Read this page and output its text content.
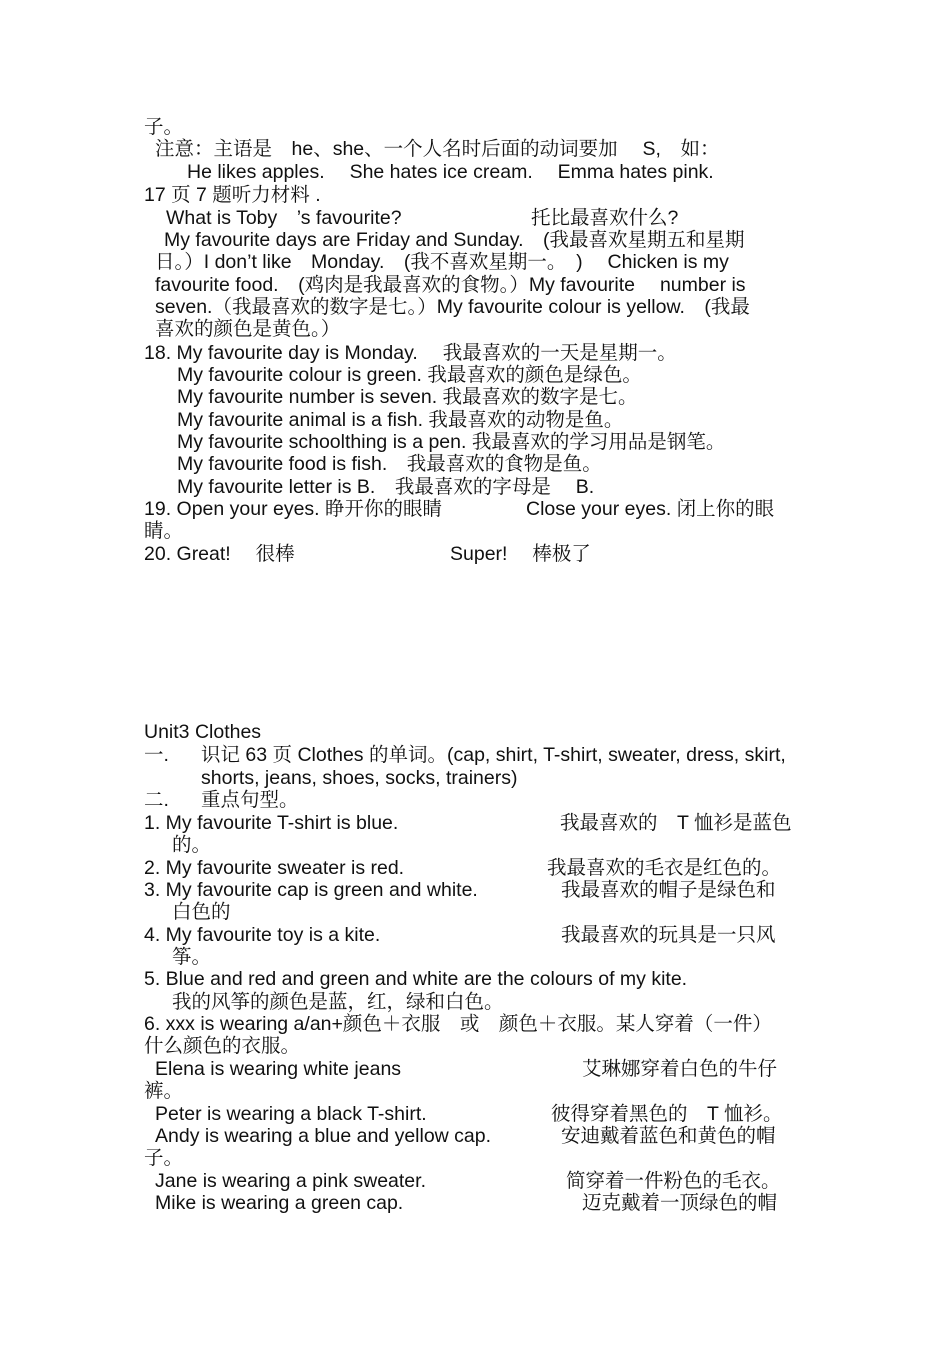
子。
注意：主语是　he、she、一个人名时后面的动词要加　 S,　如：
He likes apples.　 She hates ice cream.　 Emma hates pink.
17 页 7 题听力材料 .
What is Toby　’s favourite?	托比最喜欢什么?
My favourite days are Friday and Sunday.　(我最喜欢星期五和星期
日。）I don’t like　Monday.　(我不喜欢星期一。　)　 Chicken is my
favourite food.　(鸡肉是我最喜欢的食物。）My favourite　 number is
seven.（我最喜欢的数字是七。）My favourite colour is yellow.　(我最
喜欢的颜色是黄色。）
18. My favourite day is Monday.　 我最喜欢的一天是星期一。
My favourite colour is green. 我最喜欢的颜色是绿色。
My favourite number is seven. 我最喜欢的数字是七。
My favourite animal is a fish. 我最喜欢的动物是鱼。
My favourite schoolthing is a pen. 我最喜欢的学习用品是钢笔。
My favourite food is fish.　我最喜欢的食物是鱼。
My favourite letter is B.　我最喜欢的字母是　 B.
19. Open your eyes. 睁开你的眼睛	Close your eyes. 闭上你的眼
睛。
20. Great!　 很棒	Super!　 棒极了
Unit3 Clothes
一. 识记 63 页 Clothes 的单词。(cap, shirt, T-shirt, sweater, dress, skirt,
shorts, jeans, shoes, socks, trainers)
二. 重点句型。
1. My favourite T-shirt is blue.	我最喜欢的　T 恤衫是蓝色
的。
2. My favourite sweater is red.	我最喜欢的毛衣是红色的。
3. My favourite cap is green and white.	我最喜欢的帽子是绿色和
白色的
4. My favourite toy is a kite.	我最喜欢的玩具是一只风
筝。
5. Blue and red and green and white are the colours of my kite.
我的风筝的颜色是蓝，红，绿和白色。
6. xxx is wearing a/an+颜色＋衣服　或　颜色＋衣服。某人穿着（一件）
什么颜色的衣服。
Elena is wearing white jeans	艾琳娜穿着白色的牛仔
裤。
Peter is wearing a black T-shirt.	彼得穿着黑色的　T 恤衫。
Andy is wearing a blue and yellow cap.	安迪戴着蓝色和黄色的帽
子。
Jane is wearing a pink sweater.	简穿着一件粉色的毛衣。
Mike is wearing a green cap.	迈克戴着一顶绿色的帽
